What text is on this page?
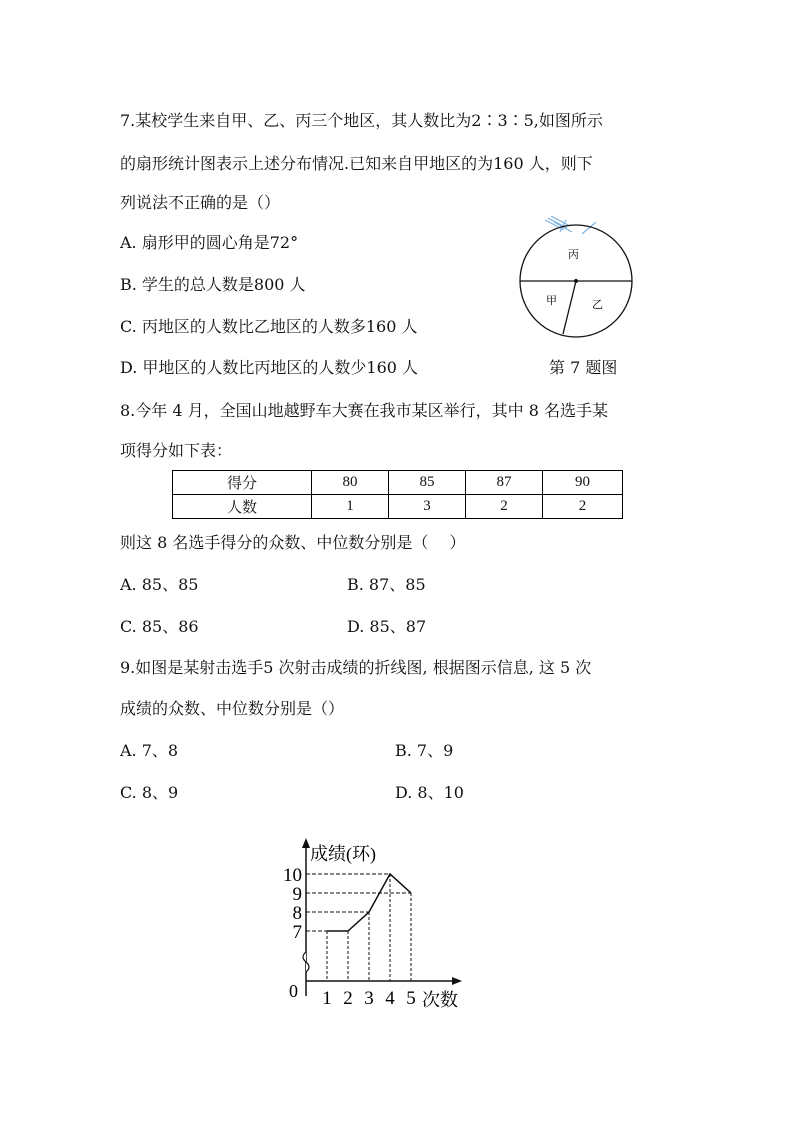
7.某校学生来自甲、乙、丙三个地区，其人数比为2∶3∶5,如图所示
的扇形统计图表示上述分布情况.已知来自甲地区的为160 人，则下
列说法不正确的是（）
A. 扇形甲的圆心角是72°
B. 学生的总人数是800 人
C. 丙地区的人数比乙地区的人数多160 人
D. 甲地区的人数比丙地区的人数少160 人	第 7 题图
丙
甲	乙
8.今年 4 月，全国山地越野车大赛在我市某区举行，其中 8 名选手某
项得分如下表：
得分	80	85	87	90
人数	1	3	2	2
则这 8 名选手得分的众数、中位数分别是（　 ）
A. 85、85	B. 87、85
C. 85、86	D. 85、87
9.如图是某射击选手5 次射击成绩的折线图, 根据图示信息, 这 5 次
成绩的众数、中位数分别是（）
A. 7、8	B. 7、9
C. 8、9	D. 8、10
7
8
9
10
1 2 3 4 5
成绩(环)
次数
0
